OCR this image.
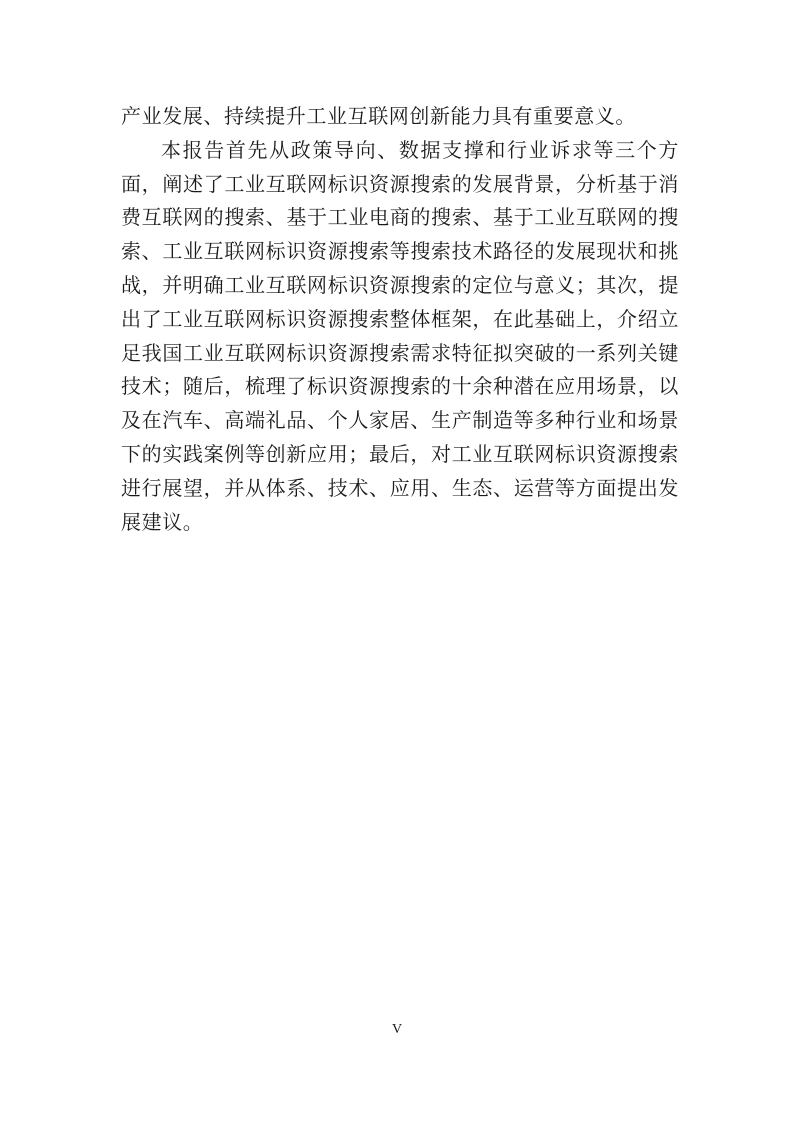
产业发展、持续提升工业互联网创新能力具有重要意义。

本报告首先从政策导向、数据支撑和行业诉求等三个方面，阐述了工业互联网标识资源搜索的发展背景，分析基于消费互联网的搜索、基于工业电商的搜索、基于工业互联网的搜索、工业互联网标识资源搜索等搜索技术路径的发展现状和挑战，并明确工业互联网标识资源搜索的定位与意义；其次，提出了工业互联网标识资源搜索整体框架，在此基础上，介绍立足我国工业互联网标识资源搜索需求特征拟突破的一系列关键技术；随后，梳理了标识资源搜索的十余种潜在应用场景，以及在汽车、高端礼品、个人家居、生产制造等多种行业和场景下的实践案例等创新应用；最后，对工业互联网标识资源搜索进行展望，并从体系、技术、应用、生态、运营等方面提出发展建议。

V
